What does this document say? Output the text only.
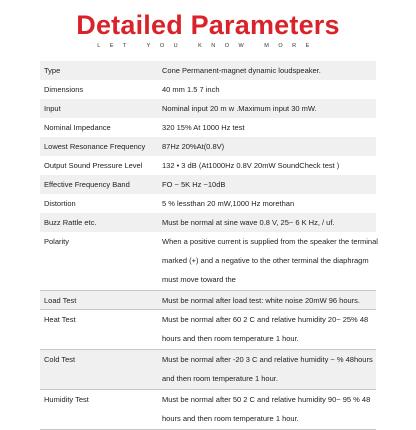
Detailed Parameters
LET YOU KNOW MORE
Type	Cone Permanent-magnet dynamic loudspeaker.
Dimensions	40 mm 1.5 7 inch
Input	Nominal input 20 m w .Maximum input 30 mW.
Nominal Impedance	320 15% At 1000 Hz test
Lowest Resonance Frequency 87Hz 20%At(0.8V)
Output Sound Pressure Level	132 • 3 dB (At1000Hz 0.8V 20mW SoundCheck test )
Effective Frequency Band	FO ~ 5K Hz ~10dB
Distortion	5 % lessthan 20 mW,1000 Hz morethan
Buzz Rattle etc.	Must be normal at sine wave 0.8 V, 25~ 6 K Hz, / uf.
Polarity	When a positive current is supplied from the speaker the terminal
marked (+) and a negative to the other terminal the diaphragm
must move toward the
Load Test	Must be normal after load test: white noise 20mW 96 hours.
Heat Test	Must be normal after 60 2 C and relative humidity 20~ 25% 48
hours and then room temperature 1 hour.
Cold Test	Must be normal after -20 3 C and relative humidity ~ % 48hours
and then room temperature 1 hour.
Humidity Test	Must be normal after 50 2 C and relative humidity 90~ 95 % 48
hours and then room temperature 1 hour.
